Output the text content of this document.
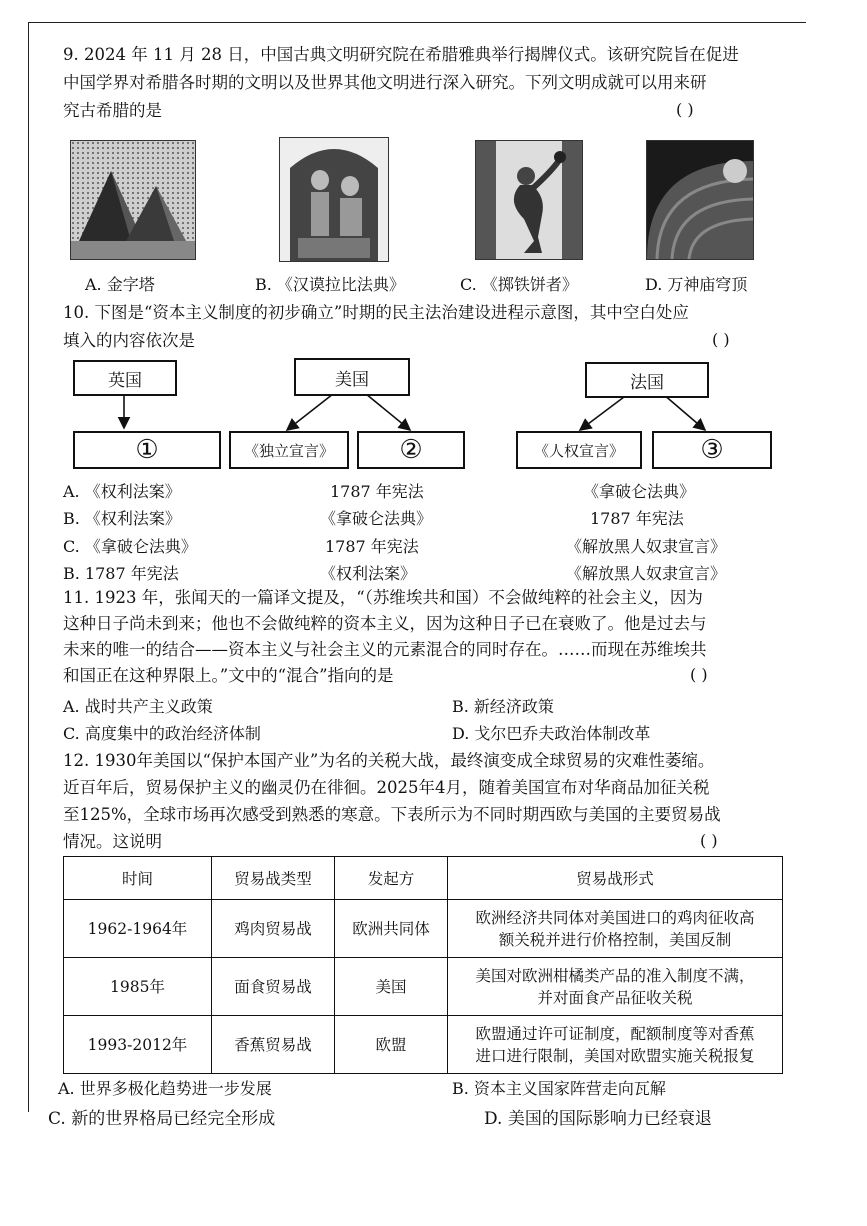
9. 2024 年 11 月 28 日，中国古典文明研究院在希腊雅典举行揭牌仪式。该研究院旨在促进
中国学界对希腊各时期的文明以及世界其他文明进行深入研究。下列文明成就可以用来研
究古希腊的是	( )
A. 金字塔	B. 《汉谟拉比法典》	C. 《掷铁饼者》	D. 万神庙穹顶
10. 下图是“资本主义制度的初步确立”时期的民主法治建设进程示意图，其中空白处应
填入的内容依次是	( )
英国	美国	法国
①	《独立宣言》	②	《人权宣言》	③
A. 《权利法案》	1787 年宪法	《拿破仑法典》
B. 《权利法案》	《拿破仑法典》	1787 年宪法
C. 《拿破仑法典》	1787 年宪法	《解放黑人奴隶宣言》
B. 1787 年宪法	《权利法案》	《解放黑人奴隶宣言》
11. 1923 年，张闻天的一篇译文提及，“（苏维埃共和国）不会做纯粹的社会主义，因为
这种日子尚未到来；他也不会做纯粹的资本主义，因为这种日子已在衰败了。他是过去与
未来的唯一的结合——资本主义与社会主义的元素混合的同时存在。……而现在苏维埃共
和国正在这种界限上。”文中的“混合”指向的是	( )
A. 战时共产主义政策	B. 新经济政策
C. 高度集中的政治经济体制	D. 戈尔巴乔夫政治体制改革
12. 1930年美国以“保护本国产业”为名的关税大战，最终演变成全球贸易的灾难性萎缩。
近百年后，贸易保护主义的幽灵仍在徘徊。2025年4月，随着美国宣布对华商品加征关税
至125%，全球市场再次感受到熟悉的寒意。下表所示为不同时期西欧与美国的主要贸易战
情况。这说明	( )
时间	贸易战类型	发起方	贸易战形式
1962-1964年	鸡肉贸易战	欧洲共同体	欧洲经济共同体对美国进口的鸡肉征收高
额关税并进行价格控制，美国反制
1985年	面食贸易战	美国	美国对欧洲柑橘类产品的准入制度不满，
并对面食产品征收关税
1993-2012年	香蕉贸易战	欧盟	欧盟通过许可证制度，配额制度等对香蕉
进口进行限制，美国对欧盟实施关税报复
A. 世界多极化趋势进一步发展	B. 资本主义国家阵营走向瓦解
C. 新的世界格局已经完全形成	D. 美国的国际影响力已经衰退
